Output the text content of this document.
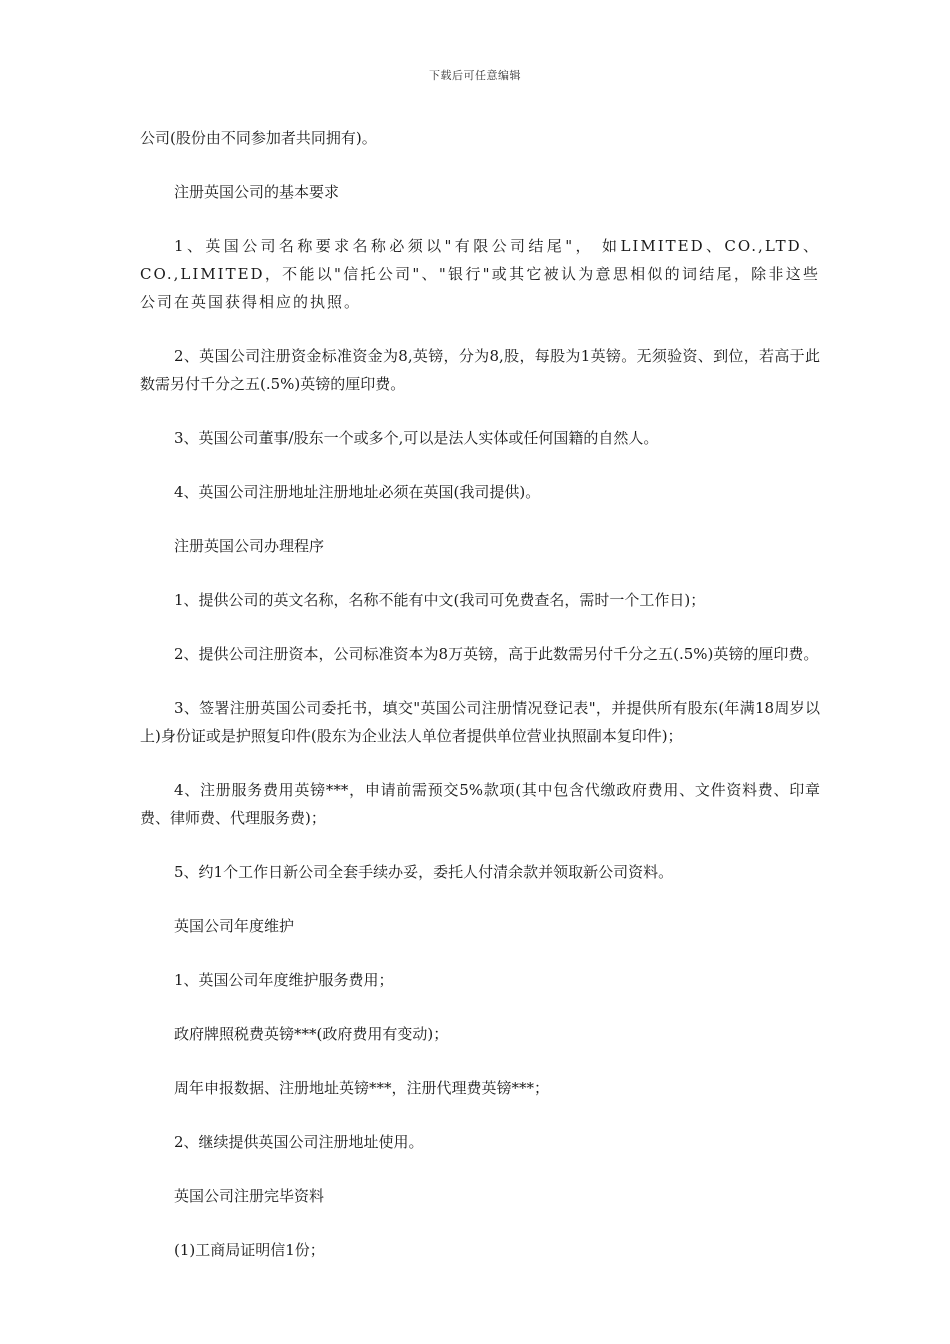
下载后可任意编辑

公司(股份由不同参加者共同拥有)。

注册英国公司的基本要求

1、英国公司名称要求名称必须以"有限公司结尾"， 如LIMITED、CO.,LTD、CO.,LIMITED，不能以"信托公司"、"银行"或其它被认为意思相似的词结尾，除非这些公司在英国获得相应的执照。

2、英国公司注册资金标准资金为8,英镑，分为8,股，每股为1英镑。无须验资、到位，若高于此数需另付千分之五(.5%)英镑的厘印费。

3、英国公司董事/股东一个或多个,可以是法人实体或任何国籍的自然人。

4、英国公司注册地址注册地址必须在英国(我司提供)。

注册英国公司办理程序

1、提供公司的英文名称，名称不能有中文(我司可免费查名，需时一个工作日)；

2、提供公司注册资本，公司标准资本为8万英镑，高于此数需另付千分之五(.5%)英镑的厘印费。

3、签署注册英国公司委托书，填交"英国公司注册情况登记表"，并提供所有股东(年满18周岁以上)身份证或是护照复印件(股东为企业法人单位者提供单位营业执照副本复印件)；

4、注册服务费用英镑***，申请前需预交5%款项(其中包含代缴政府费用、文件资料费、印章费、律师费、代理服务费)；

5、约1个工作日新公司全套手续办妥，委托人付清余款并领取新公司资料。

英国公司年度维护

1、英国公司年度维护服务费用；

政府牌照税费英镑***(政府费用有变动)；

周年申报数据、注册地址英镑***，注册代理费英镑***；

2、继续提供英国公司注册地址使用。

英国公司注册完毕资料

(1)工商局证明信1份；
